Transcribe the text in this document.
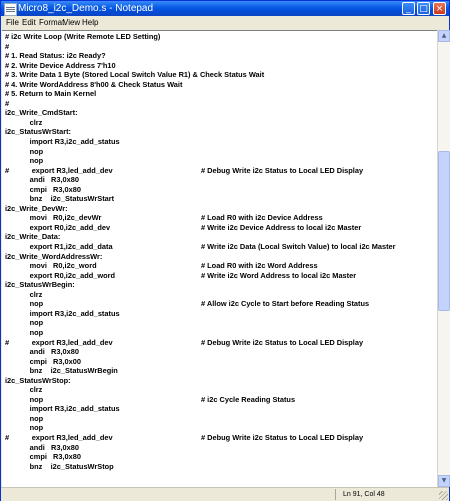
Micro8_i2c_Demo.s - Notepad	_ □ ×
File Edit Format
View Help
# i2c Write Loop (Write Remote LED Setting)
#
# 1. Read Status: i2c Ready?
# 2. Write Device Address 7'h10
# 3. Write Data 1 Byte (Stored Local Switch Value R1) & Check Status Wait
# 4. Write WordAddress 8'h00 & Check Status Wait
# 5. Return to Main Kernel
#
i2c_Write_CmdStart:
clrz
i2c_StatusWrStart:
import R3,i2c_add_status
nop
nop
#           export R3,led_add_dev	# Debug Write i2c Status to Local LED Display
andi   R3,0x80
cmpi   R3,0x80
bnz    i2c_StatusWrStart
i2c_Write_DevWr:
movi   R0,i2c_devWr	# Load R0 with i2c Device Address
export R0,i2c_add_dev	# Write i2c Device Address to local i2c Master
i2c_Write_Data:
export R1,i2c_add_data	# Write i2c Data (Local Switch Value) to local i2c Master
i2c_Write_WordAddressWr:
movi   R0,i2c_word	# Load R0 with i2c Word Address
export R0,i2c_add_word	# Write i2c Word Address to local i2c Master
i2c_StatusWrBegin:
clrz
nop	# Allow i2c Cycle to Start before Reading Status
import R3,i2c_add_status
nop
nop
#           export R3,led_add_dev	# Debug Write i2c Status to Local LED Display
andi   R3,0x80
cmpi   R3,0x00
bnz    i2c_StatusWrBegin
i2c_StatusWrStop:
clrz
nop	# i2c Cycle Reading Status
import R3,i2c_add_status
nop
nop
#           export R3,led_add_dev	# Debug Write i2c Status to Local LED Display
andi   R3,0x80
cmpi   R3,0x80
bnz    i2c_StatusWrStop
▲
▼
Ln 91, Col 48
